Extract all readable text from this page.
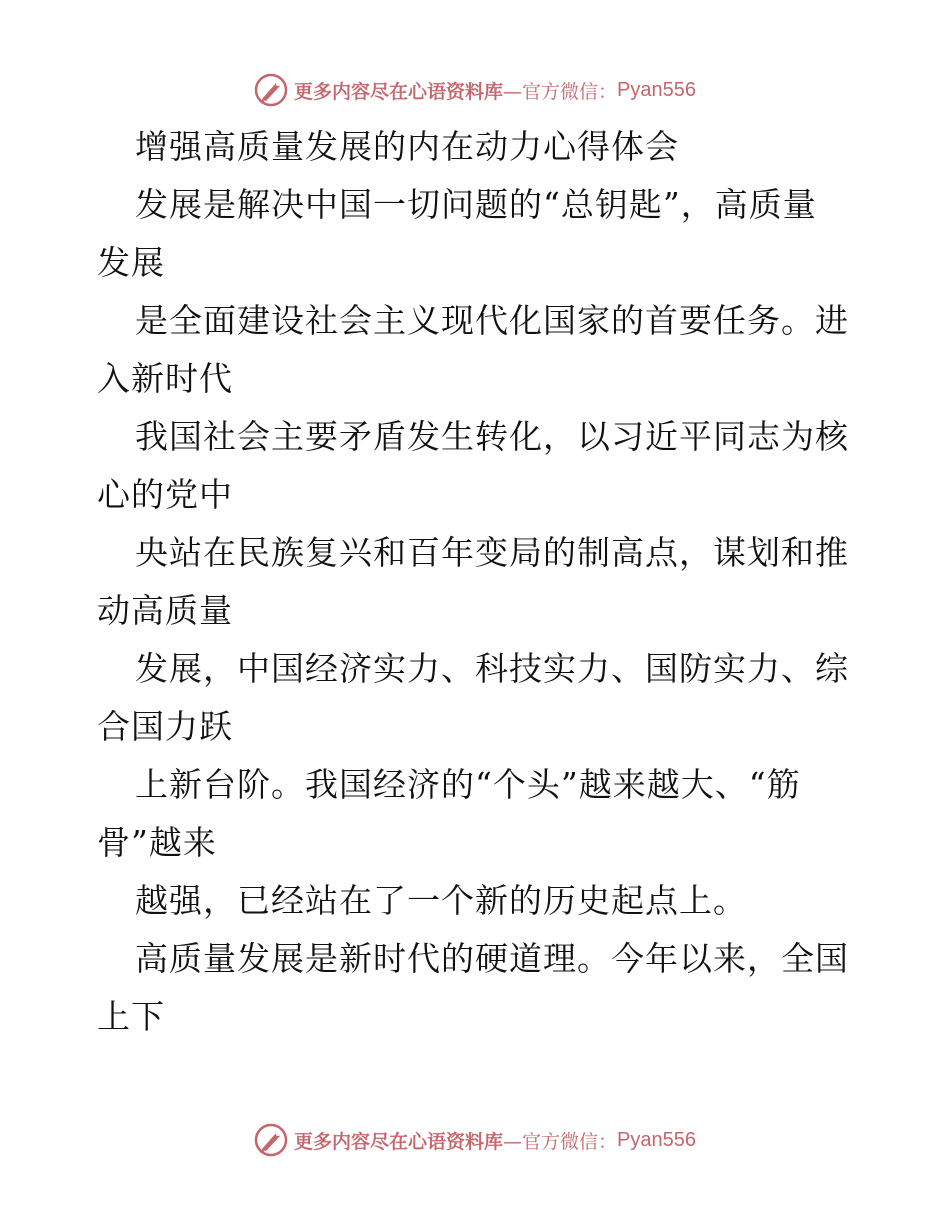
更多内容尽在心语资料库 —官方微信： Pyan556
增强高质量发展的内在动力心得体会
发展是解决中国一切问题的“总钥匙”，高质量
发展
是全面建设社会主义现代化国家的首要任务。进
入新时代
我国社会主要矛盾发生转化，以习近平同志为核
心的党中
央站在民族复兴和百年变局的制高点，谋划和推
动高质量
发展，中国经济实力、科技实力、国防实力、综
合国力跃
上新台阶。我国经济的“个头”越来越大、“筋
骨”越来
越强，已经站在了一个新的历史起点上。
高质量发展是新时代的硬道理。今年以来，全国
上下
更多内容尽在心语资料库 —官方微信： Pyan556
